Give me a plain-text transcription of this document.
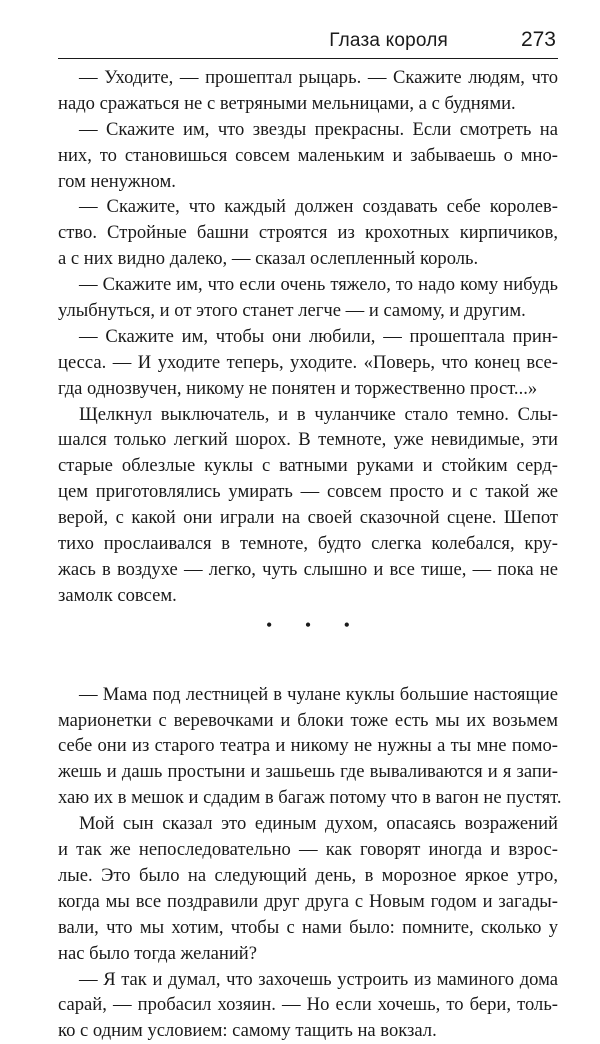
Глаза короля	273
— Уходите, — прошептал рыцарь. — Скажите людям, что
надо сражаться не с ветряными мельницами, а с буднями.
— Скажите им, что звезды прекрасны. Если смотреть на
них, то становишься совсем маленьким и забываешь о мно-
гом ненужном.
— Скажите, что каждый должен создавать себе королев-
ство. Стройные башни строятся из крохотных кирпичиков,
а с них видно далеко, — сказал ослепленный король.
— Скажите им, что если очень тяжело, то надо кому нибудь
улыбнуться, и от этого станет легче — и самому, и другим.
— Скажите им, чтобы они любили, — прошептала прин-
цесса. — И уходите теперь, уходите. «Поверь, что конец все-
гда однозвучен, никому не понятен и торжественно прост...»
Щелкнул выключатель, и в чуланчике стало темно. Слы-
шался только легкий шорох. В темноте, уже невидимые, эти
старые облезлые куклы с ватными руками и стойким серд-
цем приготовлялись умирать — совсем просто и с такой же
верой, с какой они играли на своей сказочной сцене. Шепот
тихо прослаивался в темноте, будто слегка колебался, кру-
жась в воздухе — легко, чуть слышно и все тише, — пока не
замолк совсем.
• • •
— Мама под лестницей в чулане куклы большие настоящие
марионетки с веревочками и блоки тоже есть мы их возьмем
себе они из старого театра и никому не нужны а ты мне помо-
жешь и дашь простыни и зашьешь где вываливаются и я запи-
хаю их в мешок и сдадим в багаж потому что в вагон не пустят.
Мой сын сказал это единым духом, опасаясь возражений
и так же непоследовательно — как говорят иногда и взрос-
лые. Это было на следующий день, в морозное яркое утро,
когда мы все поздравили друг друга с Новым годом и загады-
вали, что мы хотим, чтобы с нами было: помните, сколько у
нас было тогда желаний?
— Я так и думал, что захочешь устроить из маминого дома
сарай, — пробасил хозяин. — Но если хочешь, то бери, толь-
ко с одним условием: самому тащить на вокзал.
